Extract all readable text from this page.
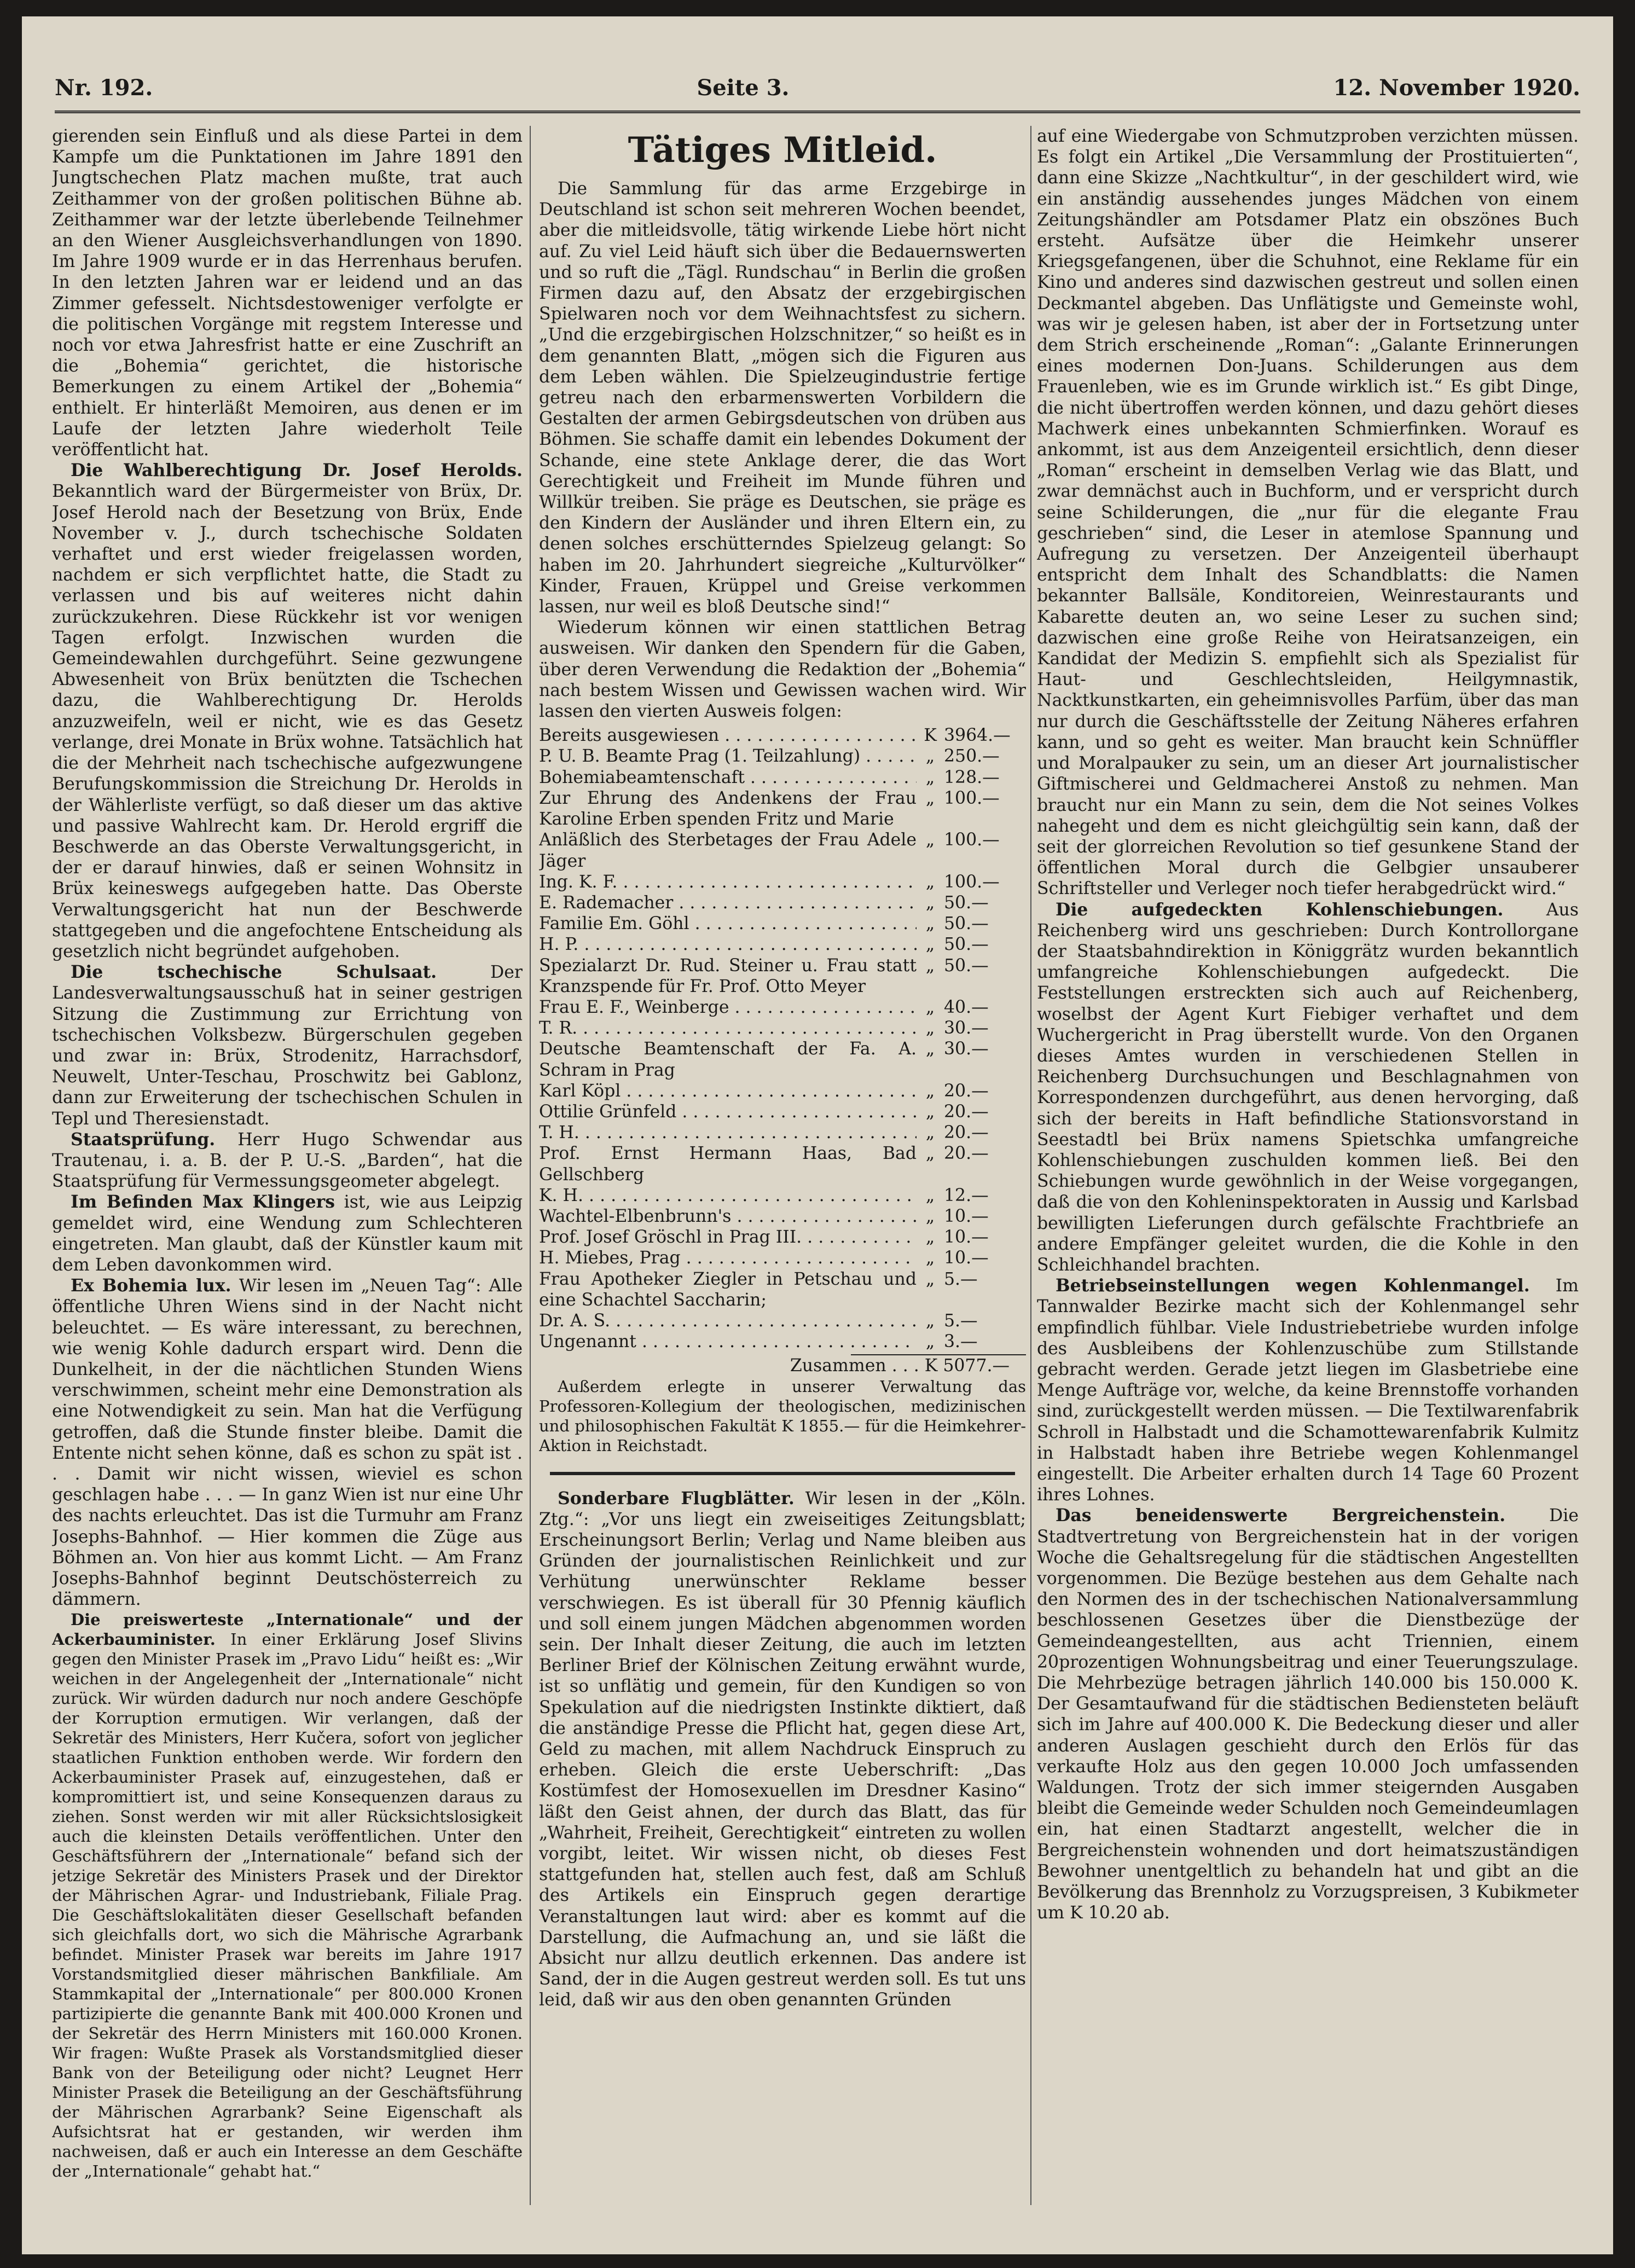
Nr. 192.	Seite 3.	12. November 1920.

gierenden sein Einfluß und als diese Partei in dem Kampfe um die Punktationen im Jahre 1891 den Jungtschechen Platz machen mußte, trat auch Zeithammer von der großen politischen Bühne ab. Zeithammer war der letzte überlebende Teilnehmer an den Wiener Ausgleichsverhandlungen von 1890. Im Jahre 1909 wurde er in das Herrenhaus berufen. In den letzten Jahren war er leidend und an das Zimmer gefesselt. Nichtsdestoweniger verfolgte er die politischen Vorgänge mit regstem Interesse und noch vor etwa Jahresfrist hatte er eine Zuschrift an die „Bohemia“ gerichtet, die historische Bemerkungen zu einem Artikel der „Bohemia“ enthielt. Er hinterläßt Memoiren, aus denen er im Laufe der letzten Jahre wiederholt Teile veröffentlicht hat.

Die Wahlberechtigung Dr. Josef Herolds. Bekanntlich ward der Bürgermeister von Brüx, Dr. Josef Herold nach der Besetzung von Brüx, Ende November v. J., durch tschechische Soldaten verhaftet und erst wieder freigelassen worden, nachdem er sich verpflichtet hatte, die Stadt zu verlassen und bis auf weiteres nicht dahin zurückzukehren. Diese Rückkehr ist vor wenigen Tagen erfolgt. Inzwischen wurden die Gemeindewahlen durchgeführt. Seine gezwungene Abwesenheit von Brüx benützten die Tschechen dazu, die Wahlberechtigung Dr. Herolds anzuzweifeln, weil er nicht, wie es das Gesetz verlange, drei Monate in Brüx wohne. Tatsächlich hat die der Mehrheit nach tschechische aufgezwungene Berufungskommission die Streichung Dr. Herolds in der Wählerliste verfügt, so daß dieser um das aktive und passive Wahlrecht kam. Dr. Herold ergriff die Beschwerde an das Oberste Verwaltungsgericht, in der er darauf hinwies, daß er seinen Wohnsitz in Brüx keineswegs aufgegeben hatte. Das Oberste Verwaltungsgericht hat nun der Beschwerde stattgegeben und die angefochtene Entscheidung als gesetzlich nicht begründet aufgehoben.

Die tschechische Schulsaat.	Der Landesverwaltungsausschuß hat in seiner gestrigen Sitzung die Zustimmung zur Errichtung von tschechischen Volksbezw. Bürgerschulen gegeben und zwar in: Brüx, Strodenitz, Harrachsdorf, Neuwelt, Unter-Teschau, Proschwitz bei Gablonz, dann zur Erweiterung der tschechischen Schulen in Tepl und Theresienstadt.

Staatsprüfung. Herr Hugo Schwendar aus Trautenau, i. a. B. der P. U.-S. „Barden“, hat die Staatsprüfung für Vermessungsgeometer abgelegt.

Im Befinden Max Klingers ist, wie aus Leipzig gemeldet wird, eine Wendung zum Schlechteren eingetreten. Man glaubt, daß der Künstler kaum mit dem Leben davonkommen wird.

Ex Bohemia lux. Wir lesen im „Neuen Tag“: Alle öffentliche Uhren Wiens sind in der Nacht nicht beleuchtet. — Es wäre interessant, zu berechnen, wie wenig Kohle dadurch erspart wird. Denn die Dunkelheit, in der die nächtlichen Stunden Wiens verschwimmen, scheint mehr eine Demonstration als eine Notwendigkeit zu sein. Man hat die Verfügung getroffen, daß die Stunde finster bleibe. Damit die Entente nicht sehen könne, daß es schon zu spät ist . . . Damit wir nicht wissen, wieviel es schon geschlagen habe . . . — In ganz Wien ist nur eine Uhr des nachts erleuchtet. Das ist die Turmuhr am Franz Josephs-Bahnhof. — Hier kommen die Züge aus Böhmen an. Von hier aus kommt Licht. — Am Franz Josephs-Bahnhof beginnt Deutschösterreich zu dämmern.

Die preiswerteste „Internationale“ und der Ackerbauminister. In einer Erklärung Josef Slivins gegen den Minister Prasek im „Pravo Lidu“ heißt es: „Wir weichen in der Angelegenheit der „Internationale“ nicht zurück. Wir würden dadurch nur noch andere Geschöpfe der Korruption ermutigen. Wir verlangen, daß der Sekretär des Ministers, Herr Kučera, sofort von jeglicher staatlichen Funktion enthoben werde. Wir fordern den Ackerbauminister Prasek auf, einzugestehen, daß er kompromittiert ist, und seine Konsequenzen daraus zu ziehen. Sonst werden wir mit aller Rücksichtslosigkeit auch die kleinsten Details veröffentlichen. Unter den Geschäftsführern der „Internationale“ befand sich der jetzige Sekretär des Ministers Prasek und der Direktor der Mährischen Agrar- und Industriebank, Filiale Prag. Die Geschäftslokalitäten dieser Gesellschaft befanden sich gleichfalls dort, wo sich die Mährische Agrarbank befindet. Minister Prasek war bereits im Jahre 1917 Vorstandsmitglied dieser mährischen Bankfiliale. Am Stammkapital der „Internationale“ per 800.000 Kronen partizipierte die genannte Bank mit 400.000 Kronen und der Sekretär des Herrn Ministers mit 160.000 Kronen. Wir fragen: Wußte Prasek als Vorstandsmitglied dieser Bank von der Beteiligung oder nicht? Leugnet Herr Minister Prasek die Beteiligung an der Geschäftsführung der Mährischen Agrarbank? Seine Eigenschaft als Aufsichtsrat hat er gestanden, wir werden ihm nachweisen, daß er auch ein Interesse an dem Geschäfte der „Internationale“ gehabt hat.“

Tätiges Mitleid.

Die Sammlung für das arme Erzgebirge in Deutschland ist schon seit mehreren Wochen beendet, aber die mitleidsvolle, tätig wirkende Liebe hört nicht auf. Zu viel Leid häuft sich über die Bedauernswerten und so ruft die „Tägl. Rundschau“ in Berlin die großen Firmen dazu auf, den Absatz der erzgebirgischen Spielwaren noch vor dem Weihnachtsfest zu sichern. „Und die erzgebirgischen Holzschnitzer,“ so heißt es in dem genannten Blatt, „mögen sich die Figuren aus dem Leben wählen. Die Spielzeugindustrie fertige getreu nach den erbarmenswerten Vorbildern die Gestalten der armen Gebirgsdeutschen von drüben aus Böhmen. Sie schaffe damit ein lebendes Dokument der Schande, eine stete Anklage derer, die das Wort Gerechtigkeit und Freiheit im Munde führen und Willkür treiben. Sie präge es Deutschen, sie präge es den Kindern der Ausländer und ihren Eltern ein, zu denen solches erschütterndes Spielzeug gelangt: So haben im 20. Jahrhundert siegreiche „Kulturvölker“ Kinder, Frauen, Krüppel und Greise verkommen lassen, nur weil es bloß Deutsche sind!“

Wiederum können wir einen stattlichen Betrag ausweisen. Wir danken den Spendern für die Gaben, über deren Verwendung die Redaktion der „Bohemia“ nach bestem Wissen und Gewissen wachen wird. Wir lassen den vierten Ausweis folgen:

Bereits ausgewiesen . . .	K 3964.—
P. U. B. Beamte Prag (1. Teilzahlung) . . .	„ 250.—
Bohemiabeamtenschaft . . .	„ 128.—
Zur Ehrung des Andenkens der Frau Karoline Erben spenden Fritz und Marie
„ 100.—
Anläßlich des Sterbetages der Frau Adele Jäger
„ 100.—
Ing. K. F. . . .	„ 100.—
E. Rademacher . . .	„ 50.—
Familie Em. Göhl . . .	„ 50.—
H. P. . . .	„ 50.—
Spezialarzt Dr. Rud. Steiner u. Frau statt Kranzspende für Fr. Prof. Otto Meyer
„ 50.—
Frau E. F., Weinberge . . .	„ 40.—
T. R. . . .	„ 30.—
Deutsche Beamtenschaft der Fa. A. Schram in Prag
„ 30.—
Karl Köpl . . .	„ 20.—
Ottilie Grünfeld . . .	„ 20.—
T. H. . . .	„ 20.—
Prof. Ernst Hermann Haas, Bad Gellschberg
„ 20.—
K. H. . . .	„ 12.—
Wachtel-Elbenbrunn's . . .	„ 10.—
Prof. Josef Gröschl in Prag III. . . .	„ 10.—
H. Miebes, Prag . . .	„ 10.—
Frau Apotheker Ziegler in Petschau und eine Schachtel Saccharin;
„ 5.—
Dr. A. S. . . .	„ 5.—
Ungenannt . . .	„ 3.—
Zusammen . . . K 5077.—

Außerdem erlegte in unserer Verwaltung das Professoren-Kollegium der theologischen, medizinischen und philosophischen Fakultät K 1855.— für die Heimkehrer-Aktion in Reichstadt.

Sonderbare Flugblätter. Wir lesen in der „Köln. Ztg.“: „Vor uns liegt ein zweiseitiges Zeitungsblatt; Erscheinungsort Berlin; Verlag und Name bleiben aus Gründen der journalistischen Reinlichkeit und zur Verhütung unerwünschter Reklame besser verschwiegen. Es ist überall für 30 Pfennig käuflich und soll einem jungen Mädchen abgenommen worden sein. Der Inhalt dieser Zeitung, die auch im letzten Berliner Brief der Kölnischen Zeitung erwähnt wurde, ist so unflätig und gemein, für den Kundigen so von Spekulation auf die niedrigsten Instinkte diktiert, daß die anständige Presse die Pflicht hat, gegen diese Art, Geld zu machen, mit allem Nachdruck Einspruch zu erheben. Gleich die erste Ueberschrift: „Das Kostümfest der Homosexuellen im Dresdner Kasino“ läßt den Geist ahnen, der durch das Blatt, das für „Wahrheit, Freiheit, Gerechtigkeit“ eintreten zu wollen vorgibt, leitet. Wir wissen nicht, ob dieses Fest stattgefunden hat, stellen auch fest, daß am Schluß des Artikels ein Einspruch gegen derartige Veranstaltungen laut wird: aber es kommt auf die Darstellung, die Aufmachung an, und sie läßt die Absicht nur allzu deutlich erkennen. Das andere ist Sand, der in die Augen gestreut werden soll. Es tut uns leid, daß wir aus den oben genannten Gründen

auf eine Wiedergabe von Schmutzproben verzichten müssen. Es folgt ein Artikel „Die Versammlung der Prostituierten“, dann eine Skizze „Nachtkultur“, in der geschildert wird, wie ein anständig aussehendes junges Mädchen von einem Zeitungshändler am Potsdamer Platz ein obszönes Buch ersteht. Aufsätze über die Heimkehr unserer Kriegsgefangenen, über die Schuhnot, eine Reklame für ein Kino und anderes sind dazwischen gestreut und sollen einen Deckmantel abgeben. Das Unflätigste und Gemeinste wohl, was wir je gelesen haben, ist aber der in Fortsetzung unter dem Strich erscheinende „Roman“: „Galante Erinnerungen eines modernen Don-Juans. Schilderungen aus dem Frauenleben, wie es im Grunde wirklich ist.“ Es gibt Dinge, die nicht übertroffen werden können, und dazu gehört dieses Machwerk eines unbekannten Schmierfinken. Worauf es ankommt, ist aus dem Anzeigenteil ersichtlich, denn dieser „Roman“ erscheint in demselben Verlag wie das Blatt, und zwar demnächst auch in Buchform, und er verspricht durch seine Schilderungen, die „nur für die elegante Frau geschrieben“ sind, die Leser in atemlose Spannung und Aufregung zu versetzen. Der Anzeigenteil überhaupt entspricht dem Inhalt des Schandblatts: die Namen bekannter Ballsäle, Konditoreien, Weinrestaurants und Kabarette deuten an, wo seine Leser zu suchen sind; dazwischen eine große Reihe von Heiratsanzeigen, ein Kandidat der Medizin S. empfiehlt sich als Spezialist für Haut- und Geschlechtsleiden, Heilgymnastik, Nacktkunstkarten, ein geheimnisvolles Parfüm, über das man nur durch die Geschäftsstelle der Zeitung Näheres erfahren kann, und so geht es weiter. Man braucht kein Schnüffler und Moralpauker zu sein, um an dieser Art journalistischer Giftmischerei und Geldmacherei Anstoß zu nehmen. Man braucht nur ein Mann zu sein, dem die Not seines Volkes nahegeht und dem es nicht gleichgültig sein kann, daß der seit der glorreichen Revolution so tief gesunkene Stand der öffentlichen Moral durch die Gelbgier unsauberer Schriftsteller und Verleger noch tiefer herabgedrückt wird.“

Die aufgedeckten Kohlenschiebungen. Aus Reichenberg wird uns geschrieben: Durch Kontrollorgane der Staatsbahndirektion in Königgrätz wurden bekanntlich umfangreiche Kohlenschiebungen aufgedeckt. Die Feststellungen erstreckten sich auch auf Reichenberg, woselbst der Agent Kurt Fiebiger verhaftet und dem Wuchergericht in Prag überstellt wurde. Von den Organen dieses Amtes wurden in verschiedenen Stellen in Reichenberg Durchsuchungen und Beschlagnahmen von Korrespondenzen durchgeführt, aus denen hervorging, daß sich der bereits in Haft befindliche Stationsvorstand in Seestadtl bei Brüx namens Spietschka umfangreiche Kohlenschiebungen zuschulden kommen ließ. Bei den Schiebungen wurde gewöhnlich in der Weise vorgegangen, daß die von den Kohleninspektoraten in Aussig und Karlsbad bewilligten Lieferungen durch gefälschte Frachtbriefe an andere Empfänger geleitet wurden, die die Kohle in den Schleichhandel brachten.

Betriebseinstellungen wegen Kohlenmangel. Im Tannwalder Bezirke macht sich der Kohlenmangel sehr empfindlich fühlbar. Viele Industriebetriebe wurden infolge des Ausbleibens der Kohlenzuschübe zum Stillstande gebracht werden. Gerade jetzt liegen im Glasbetriebe eine Menge Aufträge vor, welche, da keine Brennstoffe vorhanden sind, zurückgestellt werden müssen. — Die Textilwarenfabrik Schroll in Halbstadt und die Schamottewarenfabrik Kulmitz in Halbstadt haben ihre Betriebe wegen Kohlenmangel eingestellt. Die Arbeiter erhalten durch 14 Tage 60 Prozent ihres Lohnes.

Das beneidenswerte Bergreichenstein.	Die Stadtvertretung von Bergreichenstein hat in der vorigen Woche die Gehaltsregelung für die städtischen Angestellten vorgenommen. Die Bezüge bestehen aus dem Gehalte nach den Normen des in der tschechischen Nationalversammlung beschlossenen Gesetzes über die Dienstbezüge der Gemeindeangestellten, aus acht Triennien, einem 20prozentigen Wohnungsbeitrag und einer Teuerungszulage. Die Mehrbezüge betragen jährlich 140.000 bis 150.000 K. Der Gesamtaufwand für die städtischen Bediensteten beläuft sich im Jahre auf 400.000 K. Die Bedeckung dieser und aller anderen Auslagen geschieht durch den Erlös für das verkaufte Holz aus den gegen 10.000 Joch umfassenden Waldungen. Trotz der sich immer steigernden Ausgaben bleibt die Gemeinde weder Schulden noch Gemeindeumlagen ein, hat einen Stadtarzt angestellt, welcher die in Bergreichenstein wohnenden und dort heimatszuständigen Bewohner unentgeltlich zu behandeln hat und gibt an die Bevölkerung das Brennholz zu Vorzugspreisen, 3 Kubikmeter um K 10.20 ab.
